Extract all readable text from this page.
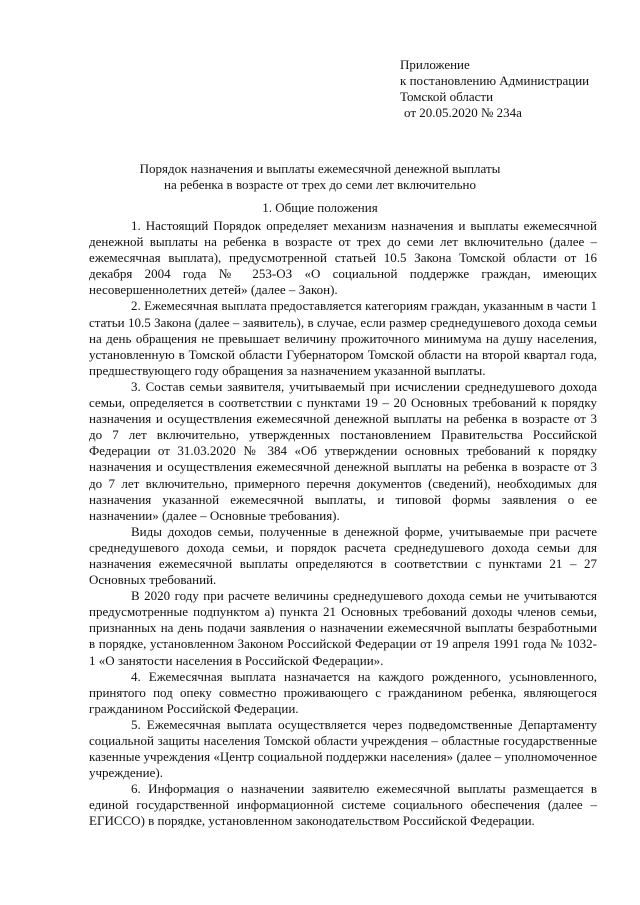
Приложение
к постановлению Администрации
Томской области
от 20.05.2020 № 234а
Порядок назначения и выплаты ежемесячной денежной выплаты
на ребенка в возрасте от трех до семи лет включительно
1. Общие положения

1. Настоящий Порядок определяет механизм назначения и выплаты ежемесячной денежной выплаты на ребенка в возрасте от трех до семи лет включительно (далее – ежемесячная выплата), предусмотренной статьей 10.5 Закона Томской области от 16 декабря 2004 года № 253-ОЗ «О социальной поддержке граждан, имеющих несовершеннолетних детей» (далее – Закон).

2. Ежемесячная выплата предоставляется категориям граждан, указанным в части 1 статьи 10.5 Закона (далее – заявитель), в случае, если размер среднедушевого дохода семьи на день обращения не превышает величину прожиточного минимума на душу населения, установленную в Томской области Губернатором Томской области на второй квартал года, предшествующего году обращения за назначением указанной выплаты.

3. Состав семьи заявителя, учитываемый при исчислении среднедушевого дохода семьи, определяется в соответствии с пунктами 19 – 20 Основных требований к порядку назначения и осуществления ежемесячной денежной выплаты на ребенка в возрасте от 3 до 7 лет включительно, утвержденных постановлением Правительства Российской Федерации от 31.03.2020 № 384 «Об утверждении основных требований к порядку назначения и осуществления ежемесячной денежной выплаты на ребенка в возрасте от 3 до 7 лет включительно, примерного перечня документов (сведений), необходимых для назначения указанной ежемесячной выплаты, и типовой формы заявления о ее назначении» (далее – Основные требования).

Виды доходов семьи, полученные в денежной форме, учитываемые при расчете среднедушевого дохода семьи, и порядок расчета среднедушевого дохода семьи для назначения ежемесячной выплаты определяются в соответствии с пунктами 21 – 27 Основных требований.

В 2020 году при расчете величины среднедушевого дохода семьи не учитываются предусмотренные подпунктом а) пункта 21 Основных требований доходы членов семьи, признанных на день подачи заявления о назначении ежемесячной выплаты безработными в порядке, установленном Законом Российской Федерации от 19 апреля 1991 года № 1032-1 «О занятости населения в Российской Федерации».

4. Ежемесячная выплата назначается на каждого рожденного, усыновленного, принятого под опеку совместно проживающего с гражданином ребенка, являющегося гражданином Российской Федерации.

5. Ежемесячная выплата осуществляется через подведомственные Департаменту социальной защиты населения Томской области учреждения – областные государственные казенные учреждения «Центр социальной поддержки населения» (далее – уполномоченное учреждение).

6. Информация о назначении заявителю ежемесячной выплаты размещается в единой государственной информационной системе социального обеспечения (далее – ЕГИССО) в порядке, установленном законодательством Российской Федерации.
